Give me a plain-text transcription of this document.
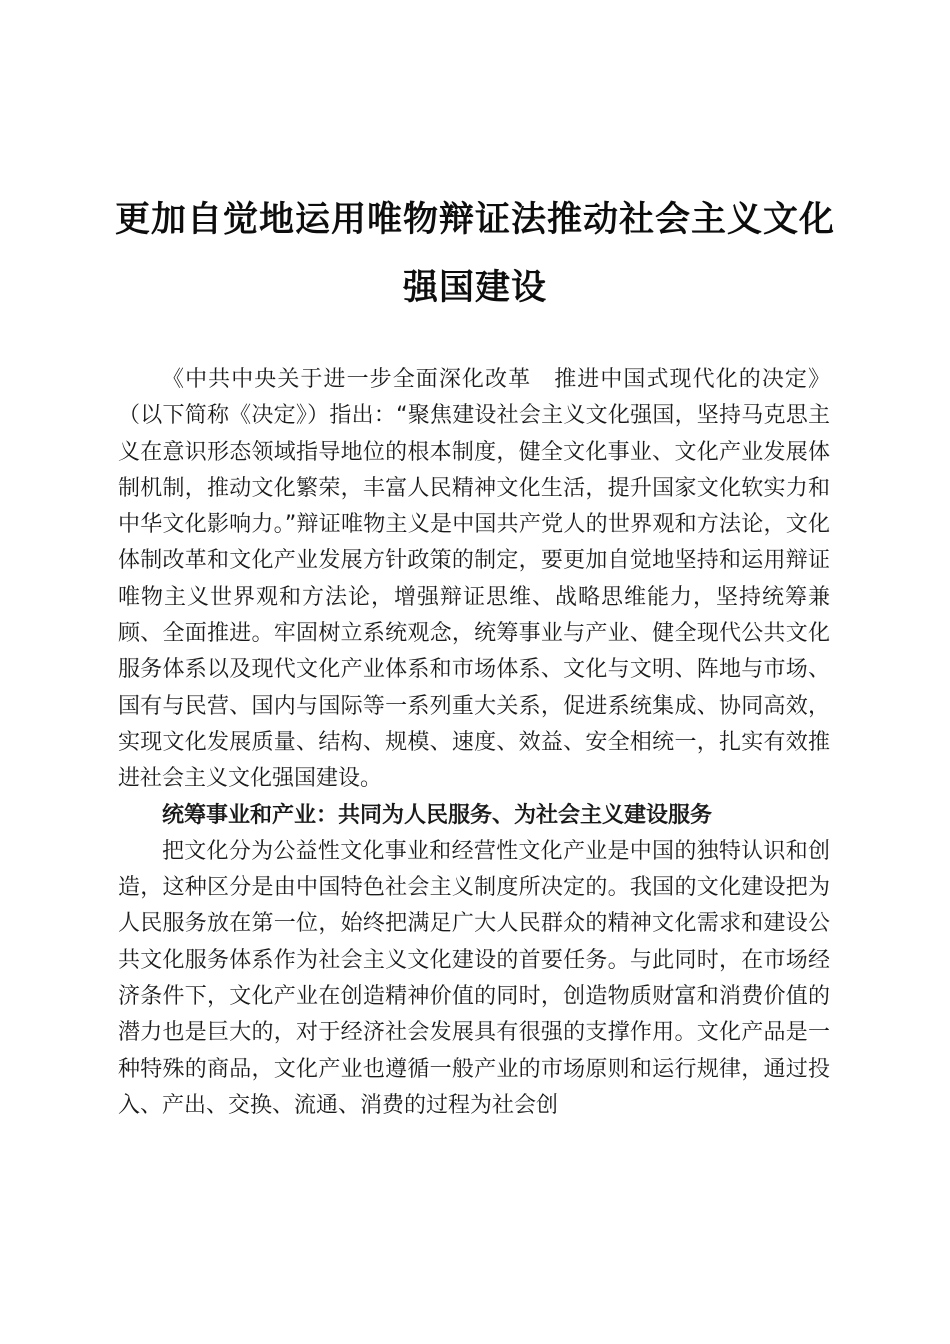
更加自觉地运用唯物辩证法推动社会主义文化
强国建设

《中共中央关于进一步全面深化改革　推进中国式现代化的决定》（以下简称《决定》）指出：“聚焦建设社会主义文化强国，坚持马克思主义在意识形态领域指导地位的根本制度，健全文化事业、文化产业发展体制机制，推动文化繁荣，丰富人民精神文化生活，提升国家文化软实力和中华文化影响力。”辩证唯物主义是中国共产党人的世界观和方法论，文化体制改革和文化产业发展方针政策的制定，要更加自觉地坚持和运用辩证唯物主义世界观和方法论，增强辩证思维、战略思维能力，坚持统筹兼顾、全面推进。牢固树立系统观念，统筹事业与产业、健全现代公共文化服务体系以及现代文化产业体系和市场体系、文化与文明、阵地与市场、国有与民营、国内与国际等一系列重大关系，促进系统集成、协同高效，实现文化发展质量、结构、规模、速度、效益、安全相统一，扎实有效推进社会主义文化强国建设。

统筹事业和产业：共同为人民服务、为社会主义建设服务

把文化分为公益性文化事业和经营性文化产业是中国的独特认识和创造，这种区分是由中国特色社会主义制度所决定的。我国的文化建设把为人民服务放在第一位，始终把满足广大人民群众的精神文化需求和建设公共文化服务体系作为社会主义文化建设的首要任务。与此同时，在市场经济条件下，文化产业在创造精神价值的同时，创造物质财富和消费价值的潜力也是巨大的，对于经济社会发展具有很强的支撑作用。文化产品是一种特殊的商品，文化产业也遵循一般产业的市场原则和运行规律，通过投入、产出、交换、流通、消费的过程为社会创
